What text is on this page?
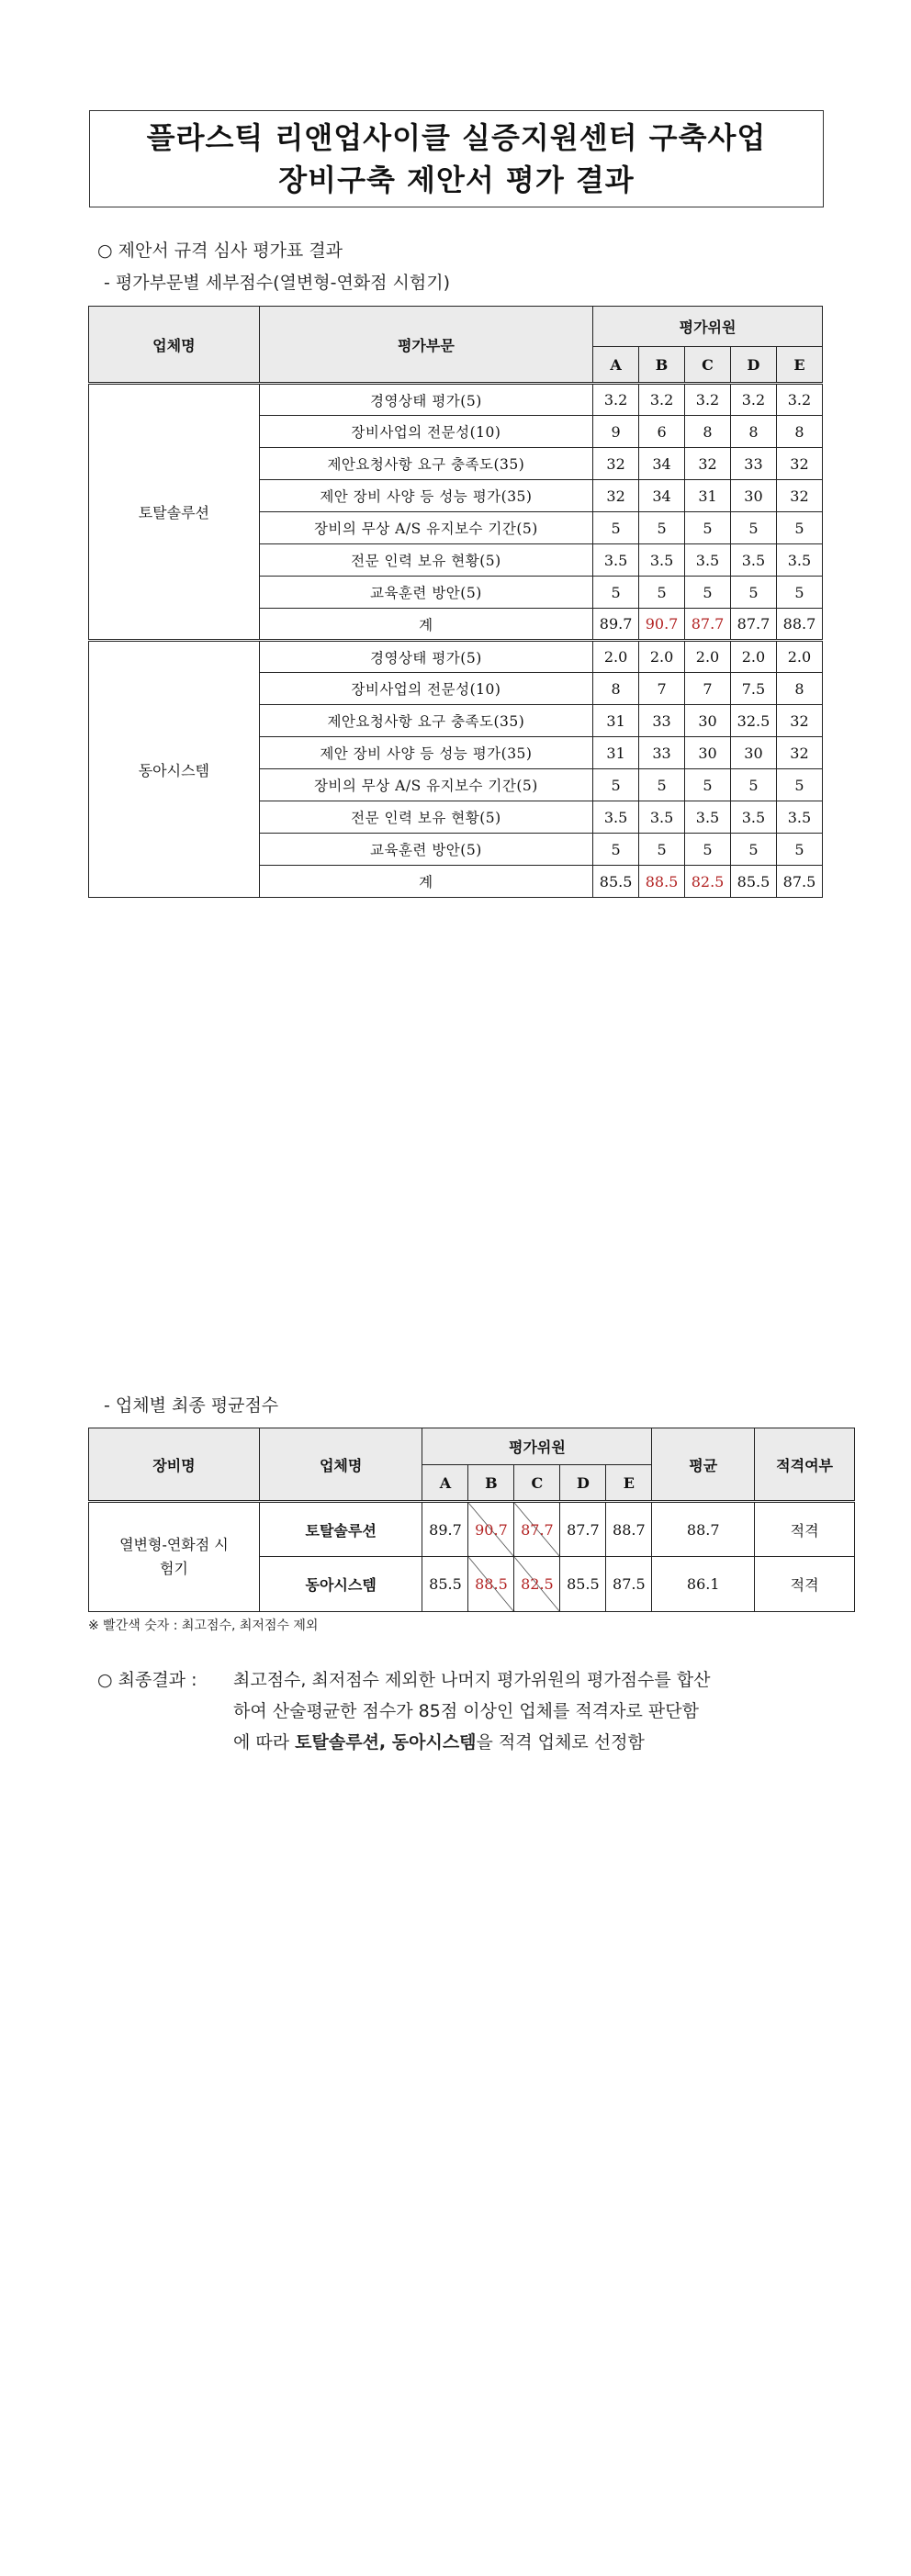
플라스틱 리앤업사이클 실증지원센터 구축사업
장비구축 제안서 평가 결과
○ 제안서 규격 심사 평가표 결과
- 평가부문별 세부점수(열변형-연화점 시험기)
업체명	평가부문	평가위원				
		A	B	C	D	E
토탈솔루션	경영상태 평가(5)	3.2	3.2	3.2	3.2	3.2
	장비사업의 전문성(10)	9	6	8	8	8
	제안요청사항 요구 충족도(35)	32	34	32	33	32
	제안 장비 사양 등 성능 평가(35)	32	34	31	30	32
	장비의 무상 A/S 유지보수 기간(5)	5	5	5	5	5
	전문 인력 보유 현황(5)	3.5	3.5	3.5	3.5	3.5
	교육훈련 방안(5)	5	5	5	5	5
	계	89.7	90.7	87.7	87.7	88.7
동아시스템	경영상태 평가(5)	2.0	2.0	2.0	2.0	2.0
	장비사업의 전문성(10)	8	7	7	7.5	8
	제안요청사항 요구 충족도(35)	31	33	30	32.5	32
	제안 장비 사양 등 성능 평가(35)	31	33	30	30	32
	장비의 무상 A/S 유지보수 기간(5)	5	5	5	5	5
	전문 인력 보유 현황(5)	3.5	3.5	3.5	3.5	3.5
	교육훈련 방안(5)	5	5	5	5	5
	계	85.5	88.5	82.5	85.5	87.5
- 업체별 최종 평균점수
장비명	업체명	평가위원					평균	적격여부
		A	B	C	D	E		
열변형-연화점 시험기	토탈솔루션	89.7	90.7	87.7	87.7	88.7	88.7	적격
	동아시스템	85.5	88.5	82.5	85.5	87.5	86.1	적격
※ 빨간색 숫자 : 최고점수, 최저점수 제외
○ 최종결과 : 최고점수, 최저점수 제외한 나머지 평가위원의 평가점수를 합산
하여 산술평균한 점수가 85점 이상인 업체를 적격자로 판단함
에 따라 토탈솔루션, 동아시스템을 적격 업체로 선정함
